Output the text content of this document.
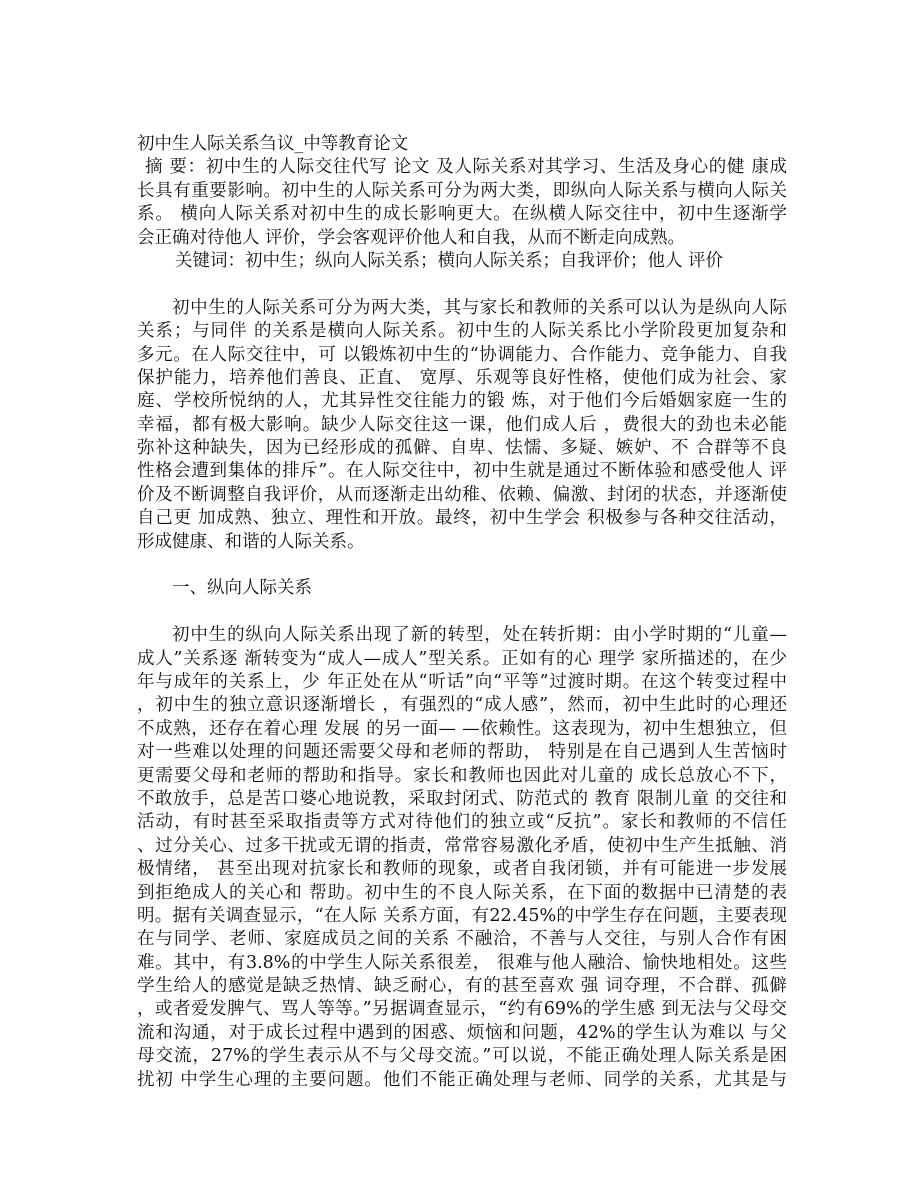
初中生人际关系刍议_中等教育论文
摘 要：初中生的人际交往代写 论文 及人际关系对其学习、生活及身心的健 康成
长具有重要影响。初中生的人际关系可分为两大类，即纵向人际关系与横向人际关
系。 横向人际关系对初中生的成长影响更大。在纵横人际交往中，初中生逐渐学
会正确对待他人 评价，学会客观评价他人和自我，从而不断走向成熟。
关键词：初中生；纵向人际关系；横向人际关系；自我评价；他人 评价
初中生的人际关系可分为两大类，其与家长和教师的关系可以认为是纵向人际
关系；与同伴 的关系是横向人际关系。初中生的人际关系比小学阶段更加复杂和
多元。在人际交往中，可 以锻炼初中生的“协调能力、合作能力、竞争能力、自我
保护能力，培养他们善良、正直、 宽厚、乐观等良好性格，使他们成为社会、家
庭、学校所悦纳的人，尤其异性交往能力的锻 炼，对于他们今后婚姻家庭一生的
幸福，都有极大影响。缺少人际交往这一课，他们成人后 ，费很大的劲也未必能
弥补这种缺失，因为已经形成的孤僻、自卑、怯懦、多疑、嫉妒、不 合群等不良
性格会遭到集体的排斥”。在人际交往中，初中生就是通过不断体验和感受他人 评
价及不断调整自我评价，从而逐渐走出幼稚、依赖、偏激、封闭的状态，并逐渐使
自己更 加成熟、独立、理性和开放。最终，初中生学会 积极参与各种交往活动，
形成健康、和谐的人际关系。
一、纵向人际关系
初中生的纵向人际关系出现了新的转型，处在转折期：由小学时期的“儿童—
成人”关系逐 渐转变为“成人—成人”型关系。正如有的心 理学 家所描述的，在少
年与成年的关系上，少 年正处在从“听话”向“平等”过渡时期。在这个转变过程中
，初中生的独立意识逐渐增长 ，有强烈的“成人感”，然而，初中生此时的心理还
不成熟，还存在着心理 发展 的另一面— —依赖性。这表现为，初中生想独立，但
对一些难以处理的问题还需要父母和老师的帮助， 特别是在自己遇到人生苦恼时
更需要父母和老师的帮助和指导。家长和教师也因此对儿童的 成长总放心不下，
不敢放手，总是苦口婆心地说教，采取封闭式、防范式的 教育 限制儿童 的交往和
活动，有时甚至采取指责等方式对待他们的独立或“反抗”。家长和教师的不信任
、过分关心、过多干扰或无谓的指责，常常容易激化矛盾，使初中生产生抵触、消
极情绪， 甚至出现对抗家长和教师的现象，或者自我闭锁，并有可能进一步发展
到拒绝成人的关心和 帮助。初中生的不良人际关系，在下面的数据中已清楚的表
明。据有关调查显示，“在人际 关系方面，有22.45%的中学生存在问题，主要表现
在与同学、老师、家庭成员之间的关系 不融洽，不善与人交往，与别人合作有困
难。其中，有3.8%的中学生人际关系很差， 很难与他人融洽、愉快地相处。这些
学生给人的感觉是缺乏热情、缺乏耐心，有的甚至喜欢 强 词夺理，不合群、孤僻
，或者爱发脾气、骂人等等。”另据调查显示，“约有69%的学生感 到无法与父母交
流和沟通，对于成长过程中遇到的困惑、烦恼和问题，42%的学生认为难以 与父
母交流，27%的学生表示从不与父母交流。”可以说，不能正确处理人际关系是困
扰初 中学生心理的主要问题。他们不能正确处理与老师、同学的关系，尤其是与
